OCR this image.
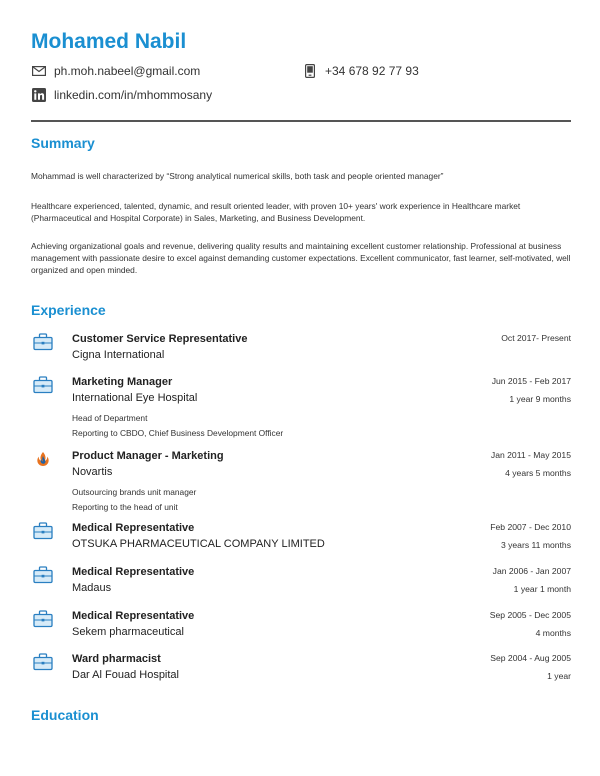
Mohamed Nabil
ph.moh.nabeel@gmail.com	+34 678 92 77 93
linkedin.com/in/mhommosany
Summary

Mohammad is well characterized by “Strong analytical numerical skills, both task and people oriented manager”

Healthcare experienced, talented, dynamic, and result oriented leader, with proven 10+ years' work experience in Healthcare market (Pharmaceutical and Hospital Corporate) in Sales, Marketing, and Business Development.

Achieving organizational goals and revenue, delivering quality results and maintaining excellent customer relationship. Professional at business management with passionate desire to excel against demanding customer expectations. Excellent communicator, fast learner, self-motivated, well organized and open minded.

Experience
Customer Service Representative
Cigna International
Oct 2017- Present
Marketing Manager
International Eye Hospital
Jun 2015 - Feb 2017
1 year 9 months
Head of Department
Reporting to CBDO, Chief Business Development Officer
Product Manager - Marketing
Novartis
Jan 2011 - May 2015
4 years 5 months
Outsourcing brands unit manager
Reporting to the head of unit
Medical Representative
OTSUKA PHARMACEUTICAL COMPANY LIMITED
Feb 2007 - Dec 2010
3 years 11 months
Medical Representative
Madaus
Jan 2006 - Jan 2007
1 year 1 month
Medical Representative
Sekem pharmaceutical
Sep 2005 - Dec 2005
4 months
Ward pharmacist
Dar Al Fouad Hospital
Sep 2004 - Aug 2005
1 year
Education
